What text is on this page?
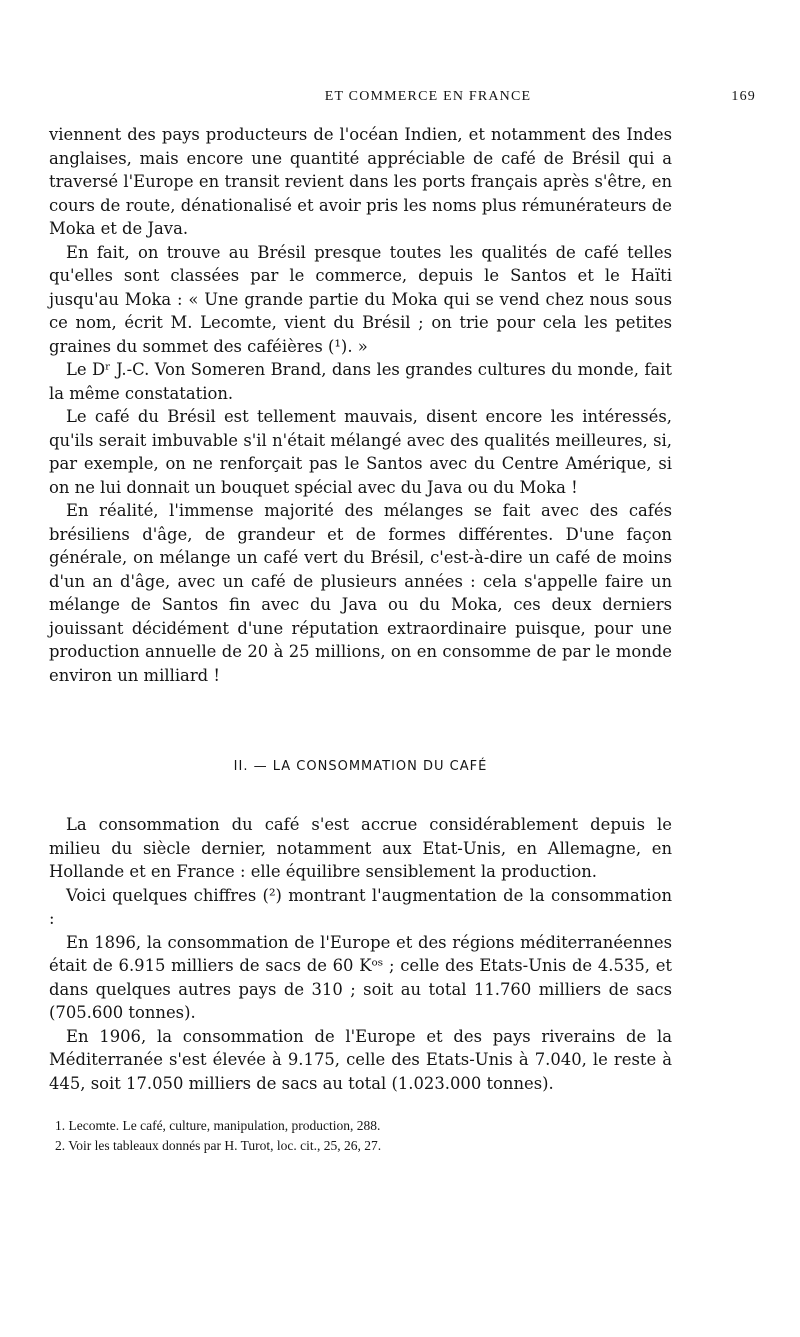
ET COMMERCE EN FRANCE	169

viennent des pays producteurs de l'océan Indien, et notamment des Indes anglaises, mais encore une quantité appréciable de café de Brésil qui a traversé l'Europe en transit revient dans les ports français après s'être, en cours de route, dénationalisé et avoir pris les noms plus rémunérateurs de Moka et de Java.

En fait, on trouve au Brésil presque toutes les qualités de café telles qu'elles sont classées par le commerce, depuis le Santos et le Haïti jusqu'au Moka : « Une grande partie du Moka qui se vend chez nous sous ce nom, écrit M. Lecomte, vient du Brésil ; on trie pour cela les petites graines du sommet des caféières (¹). »

Le Dʳ J.-C. Von Someren Brand, dans les grandes cultures du monde, fait la même constatation.

Le café du Brésil est tellement mauvais, disent encore les intéressés, qu'ils serait imbuvable s'il n'était mélangé avec des qualités meilleures, si, par exemple, on ne renforçait pas le Santos avec du Centre Amérique, si on ne lui donnait un bouquet spécial avec du Java ou du Moka !

En réalité, l'immense majorité des mélanges se fait avec des cafés brésiliens d'âge, de grandeur et de formes différentes. D'une façon générale, on mélange un café vert du Brésil, c'est-à-dire un café de moins d'un an d'âge, avec un café de plusieurs années : cela s'appelle faire un mélange de Santos fin avec du Java ou du Moka, ces deux derniers jouissant décidément d'une réputation extraordinaire puisque, pour une production annuelle de 20 à 25 millions, on en consomme de par le monde environ un milliard !

II. — LA CONSOMMATION DU CAFÉ

La consommation du café s'est accrue considérablement depuis le milieu du siècle dernier, notamment aux Etat-Unis, en Allemagne, en Hollande et en France : elle équilibre sensiblement la production.

Voici quelques chiffres (²) montrant l'augmentation de la consommation :

En 1896, la consommation de l'Europe et des régions méditerranéennes était de 6.915 milliers de sacs de 60 Kᵒˢ ; celle des Etats-Unis de 4.535, et dans quelques autres pays de 310 ; soit au total 11.760 milliers de sacs (705.600 tonnes).

En 1906, la consommation de l'Europe et des pays riverains de la Méditerranée s'est élevée à 9.175, celle des Etats-Unis à 7.040, le reste à 445, soit 17.050 milliers de sacs au total (1.023.000 tonnes).

1. Lecomte. Le café, culture, manipulation, production, 288.

2. Voir les tableaux donnés par H. Turot, loc. cit., 25, 26, 27.
